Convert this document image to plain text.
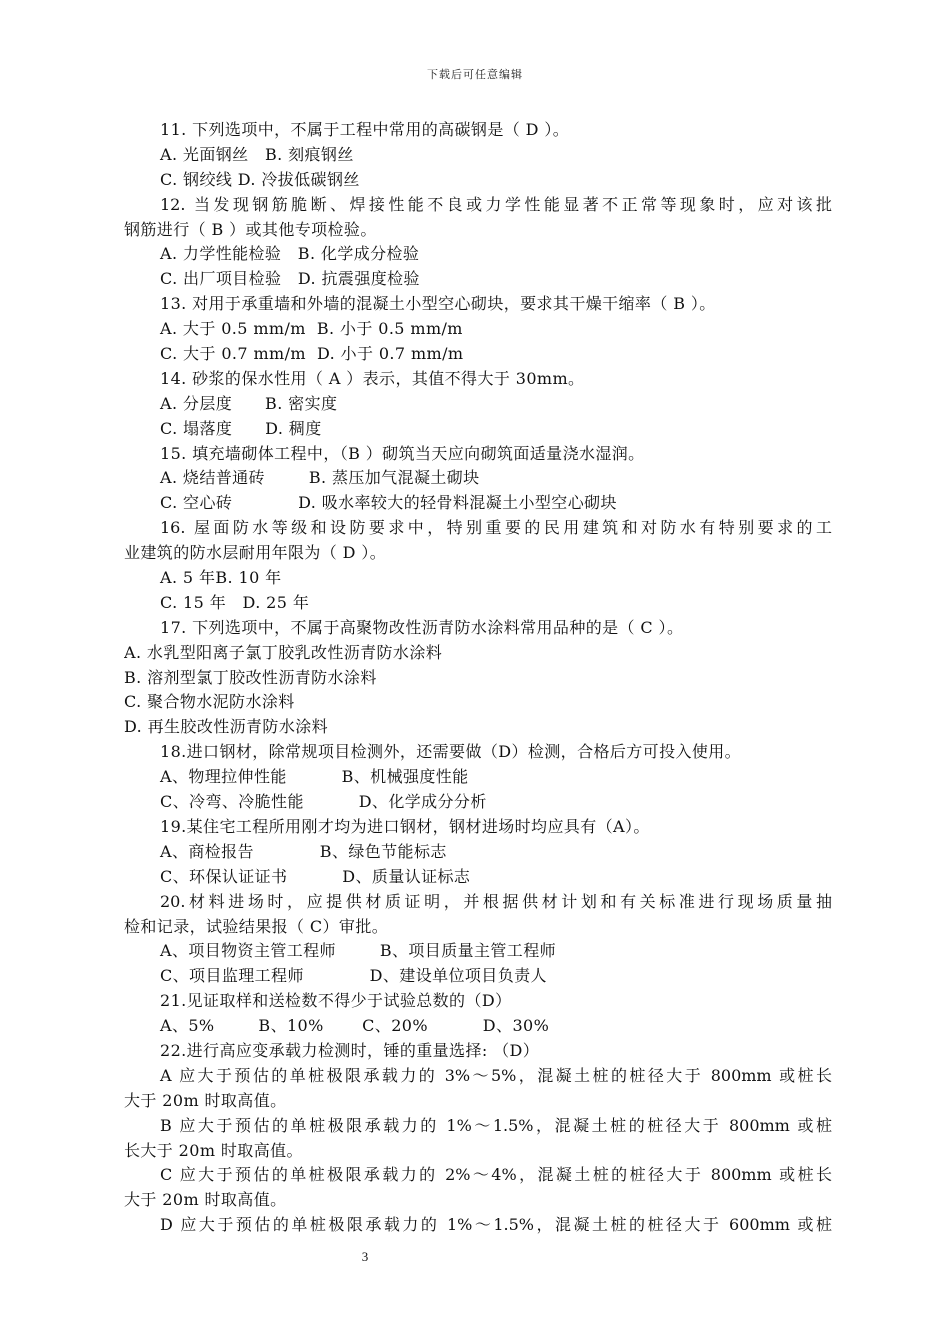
下载后可任意编辑
11. 下列选项中，不属于工程中常用的高碳钢是（ D ）。
A. 光面钢丝   B. 刻痕钢丝
C. 钢绞线 D. 冷拔低碳钢丝
12. 当发现钢筋脆断、焊接性能不良或力学性能显著不正常等现象时，应对该批
钢筋进行（ B ）或其他专项检验。
A. 力学性能检验   B. 化学成分检验
C. 出厂项目检验   D. 抗震强度检验
13. 对用于承重墙和外墙的混凝土小型空心砌块，要求其干燥干缩率（ B ）。
A. 大于 0.5 mm/m  B. 小于 0.5 mm/m
C. 大于 0.7 mm/m  D. 小于 0.7 mm/m
14. 砂浆的保水性用（ A ）表示，其值不得大于 30mm。
A. 分层度      B. 密实度
C. 塌落度      D. 稠度
15. 填充墙砌体工程中，（B ）砌筑当天应向砌筑面适量浇水湿润。
A. 烧结普通砖        B. 蒸压加气混凝土砌块
C. 空心砖            D. 吸水率较大的轻骨料混凝土小型空心砌块
16. 屋面防水等级和设防要求中，特别重要的民用建筑和对防水有特别要求的工
业建筑的防水层耐用年限为（ D ）。
A. 5 年B. 10 年
C. 15 年   D. 25 年
17. 下列选项中，不属于高聚物改性沥青防水涂料常用品种的是（ C ）。
A. 水乳型阳离子氯丁胶乳改性沥青防水涂料
B. 溶剂型氯丁胶改性沥青防水涂料
C. 聚合物水泥防水涂料
D. 再生胶改性沥青防水涂料
18.进口钢材，除常规项目检测外，还需要做（D）检测，合格后方可投入使用。
A、物理拉伸性能          B、机械强度性能
C、冷弯、冷脆性能          D、化学成分分析
19.某住宅工程所用刚才均为进口钢材，钢材进场时均应具有（A）。
A、商检报告            B、绿色节能标志
C、环保认证证书          D、质量认证标志
20.材料进场时，应提供材质证明，并根据供材计划和有关标准进行现场质量抽
检和记录，试验结果报（ C）审批。
A、项目物资主管工程师        B、项目质量主管工程师
C、项目监理工程师            D、建设单位项目负责人
21.见证取样和送检数不得少于试验总数的（D）
A、5%        B、10%       C、20%          D、30%
22.进行高应变承载力检测时，锤的重量选择: （D）
A 应大于预估的单桩极限承载力的 3%～5%，混凝土桩的桩径大于 800mm 或桩长
大于 20m 时取高值。
B 应大于预估的单桩极限承载力的 1%～1.5%，混凝土桩的桩径大于 800mm 或桩
长大于 20m 时取高值。
C 应大于预估的单桩极限承载力的 2%～4%，混凝土桩的桩径大于 800mm 或桩长
大于 20m 时取高值。
D 应大于预估的单桩极限承载力的 1%～1.5%，混凝土桩的桩径大于 600mm 或桩
3
